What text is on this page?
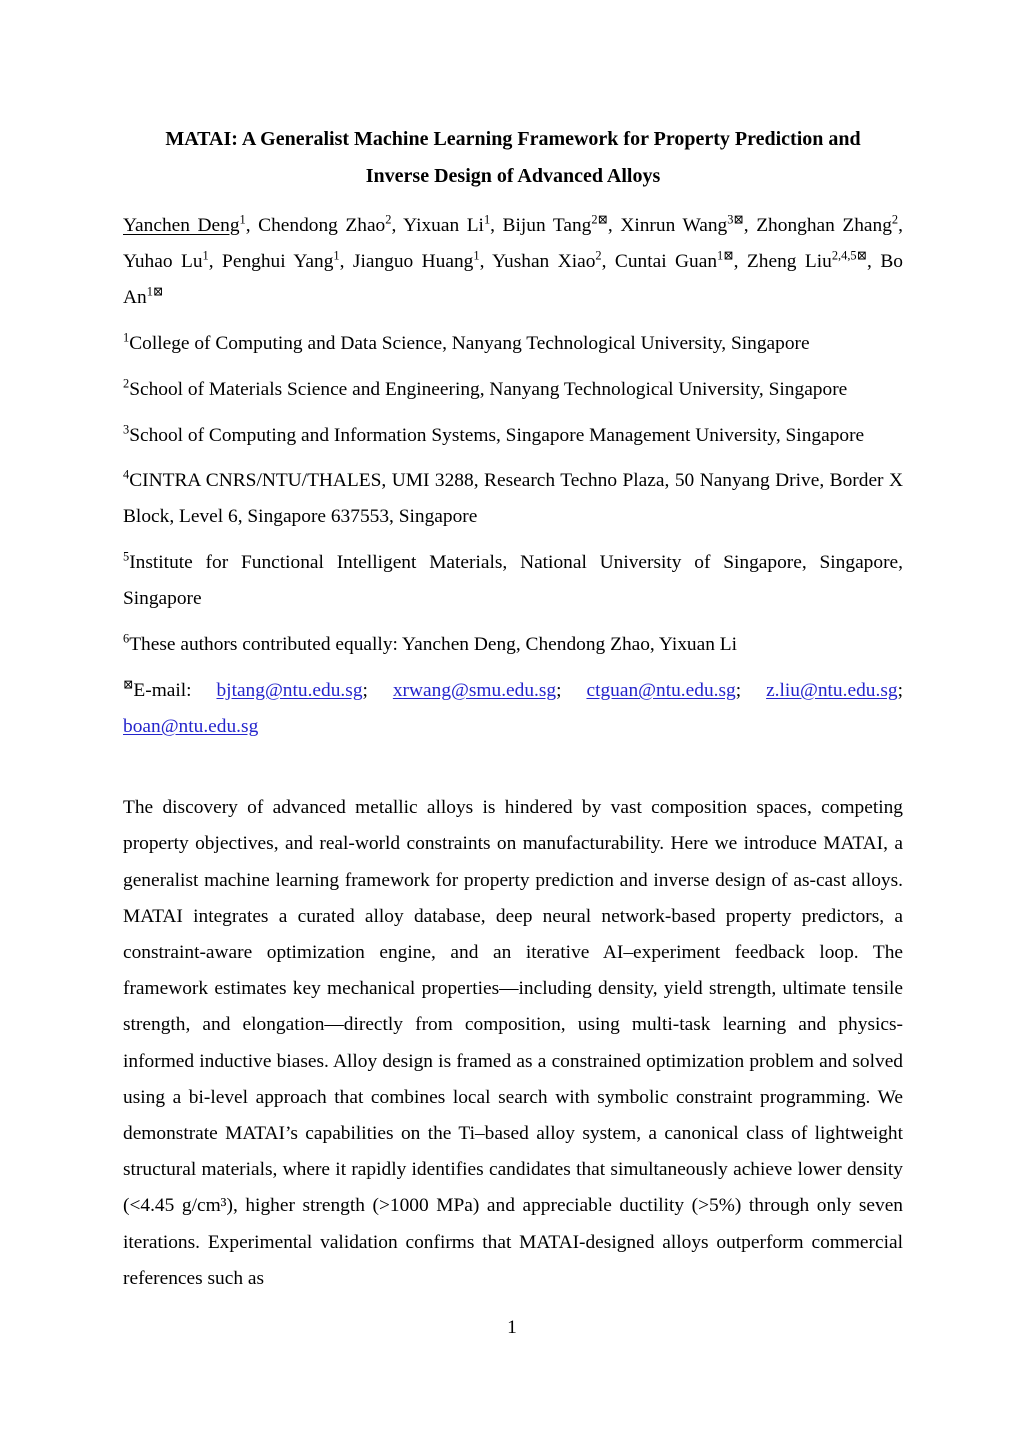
MATAI: A Generalist Machine Learning Framework for Property Prediction and
Inverse Design of Advanced Alloys

Yanchen Deng$^1$, Chendong Zhao$^2$, Yixuan Li$^1$, Bijun Tang$^{2⊠}$, Xinrun Wang$^{3⊠}$, Zhonghan Zhang$^2$, Yuhao Lu$^1$, Penghui Yang$^1$, Jianguo Huang$^1$, Yushan Xiao$^2$, Cuntai Guan$^{1⊠}$, Zheng Liu$^{2,4,5⊠}$, Bo $An^{1⊠}$

$^1$College of Computing and Data Science, Nanyang Technological University, Singapore

$^2$School of Materials Science and Engineering, Nanyang Technological University, Singapore

$^3$School of Computing and Information Systems, Singapore Management University, Singapore

$^4$CINTRA CNRS/NTU/THALES, UMI 3288, Research Techno Plaza, 50 Nanyang Drive, Border X Block, Level 6, Singapore 637553, Singapore

$^5$Institute for Functional Intelligent Materials, National University of Singapore, Singapore, Singapore

$^6$These authors contributed equally: Yanchen Deng, Chendong Zhao, Yixuan Li

⊠E-mail: bjtang@ntu.edu.sg; xrwang@smu.edu.sg; ctguan@ntu.edu.sg; z.liu@ntu.edu.sg; boan@ntu.edu.sg

The discovery of advanced metallic alloys is hindered by vast composition spaces, competing property objectives, and real-world constraints on manufacturability. Here we introduce MATAI, a generalist machine learning framework for property prediction and inverse design of as-cast alloys. MATAI integrates a curated alloy database, deep neural network-based property predictors, a constraint-aware optimization engine, and an iterative AI–experiment feedback loop. The framework estimates key mechanical properties—including density, yield strength, ultimate tensile strength, and elongation—directly from composition, using multi-task learning and physics-informed inductive biases. Alloy design is framed as a constrained optimization problem and solved using a bi-level approach that combines local search with symbolic constraint programming. We demonstrate MATAI’s capabilities on the Ti–based alloy system, a canonical class of lightweight structural materials, where it rapidly identifies candidates that simultaneously achieve lower density (<4.45 g/cm³), higher strength (>1000 MPa) and appreciable ductility (>5%) through only seven iterations. Experimental validation confirms that MATAI-designed alloys outperform commercial references such as

1
